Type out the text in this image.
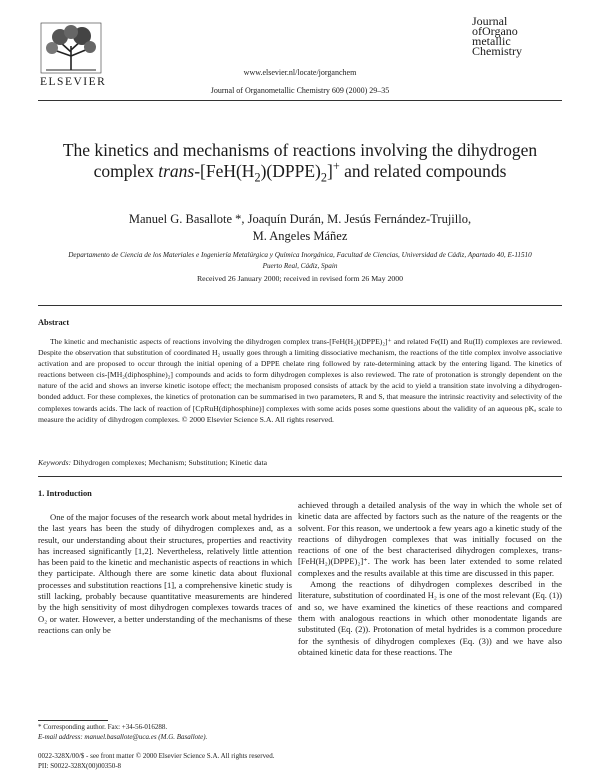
ELSEVIER
Journal
ofOrgano
metallic
Chemistry
www.elsevier.nl/locate/jorganchem
Journal of Organometallic Chemistry 609 (2000) 29–35
The kinetics and mechanisms of reactions involving the dihydrogen complex trans-$[FeH(H_2)(DPPE)_2]^+$ and related compounds
Manuel G. Basallote *, Joaquín Durán, M. Jesús Fernández-Trujillo,
M. Angeles Máñez
Departamento de Ciencia de los Materiales e Ingeniería Metalúrgica y Química Inorgánica, Facultad de Ciencias, Universidad de Cádiz, Apartado 40, E-11510 Puerto Real, Cádiz, Spain
Received 26 January 2000; received in revised form 26 May 2000
Abstract
The kinetic and mechanistic aspects of reactions involving the dihydrogen complex trans-[FeH(H₂)(DPPE)₂]⁺ and related Fe(II) and Ru(II) complexes are reviewed. Despite the observation that substitution of coordinated H₂ usually goes through a limiting dissociative mechanism, the reactions of the title complex involve associative activation and are proposed to occur through the initial opening of a DPPE chelate ring followed by rate-determining attack by the entering ligand. The kinetics of reactions between cis-[MH₂(diphosphine)₂] compounds and acids to form dihydrogen complexes is also reviewed. The rate of protonation is strongly dependent on the nature of the acid and shows an inverse kinetic isotope effect; the mechanism proposed consists of attack by the acid to yield a transition state involving a dihydrogen-bonded adduct. For these complexes, the kinetics of protonation can be summarised in two parameters, R and S, that measure the intrinsic reactivity and selectivity of the complexes towards acids. The lack of reaction of [CpRuH(diphosphine)] complexes with some acids poses some questions about the validity of an aqueous pKₐ scale to measure the acidity of dihydrogen complexes. © 2000 Elsevier Science S.A. All rights reserved.
Keywords: Dihydrogen complexes; Mechanism; Substitution; Kinetic data
1. Introduction

One of the major focuses of the research work about metal hydrides in the last years has been the study of dihydrogen complexes and, as a result, our understanding about their structures, properties and reactivity has increased significantly [1,2]. Nevertheless, relatively little attention has been paid to the kinetic and mechanistic aspects of reactions in which they participate. Although there are some kinetic data about fluxional processes and substitution reactions [1], a comprehensive kinetic study is still lacking, probably because quantitative measurements are hindered by the high sensitivity of most dihydrogen complexes towards traces of O₂ or water. However, a better understanding of the mechanisms of these reactions can only be

achieved through a detailed analysis of the way in which the whole set of kinetic data are affected by factors such as the nature of the reagents or the solvent. For this reason, we undertook a few years ago a kinetic study of the reactions of dihydrogen complexes that was initially focused on the reactions of one of the best characterised dihydrogen complexes, trans-[FeH(H₂)(DPPE)₂]⁺. The work has been later extended to some related complexes and the results available at this time are discussed in this paper.

Among the reactions of dihydrogen complexes described in the literature, substitution of coordinated H₂ is one of the most relevant (Eq. (1)) and so, we have examined the kinetics of these reactions and compared them with analogous reactions in which other monodentate ligands are substituted (Eq. (2)). Protonation of metal hydrides is a common procedure for the synthesis of dihydrogen complexes (Eq. (3)) and we have also obtained kinetic data for these reactions. The

* Corresponding author. Fax: +34-56-016288.
E-mail address: manuel.basallote@uca.es (M.G. Basallote).
0022-328X/00/$ - see front matter © 2000 Elsevier Science S.A. All rights reserved.
PII: S0022-328X(00)00350-8
